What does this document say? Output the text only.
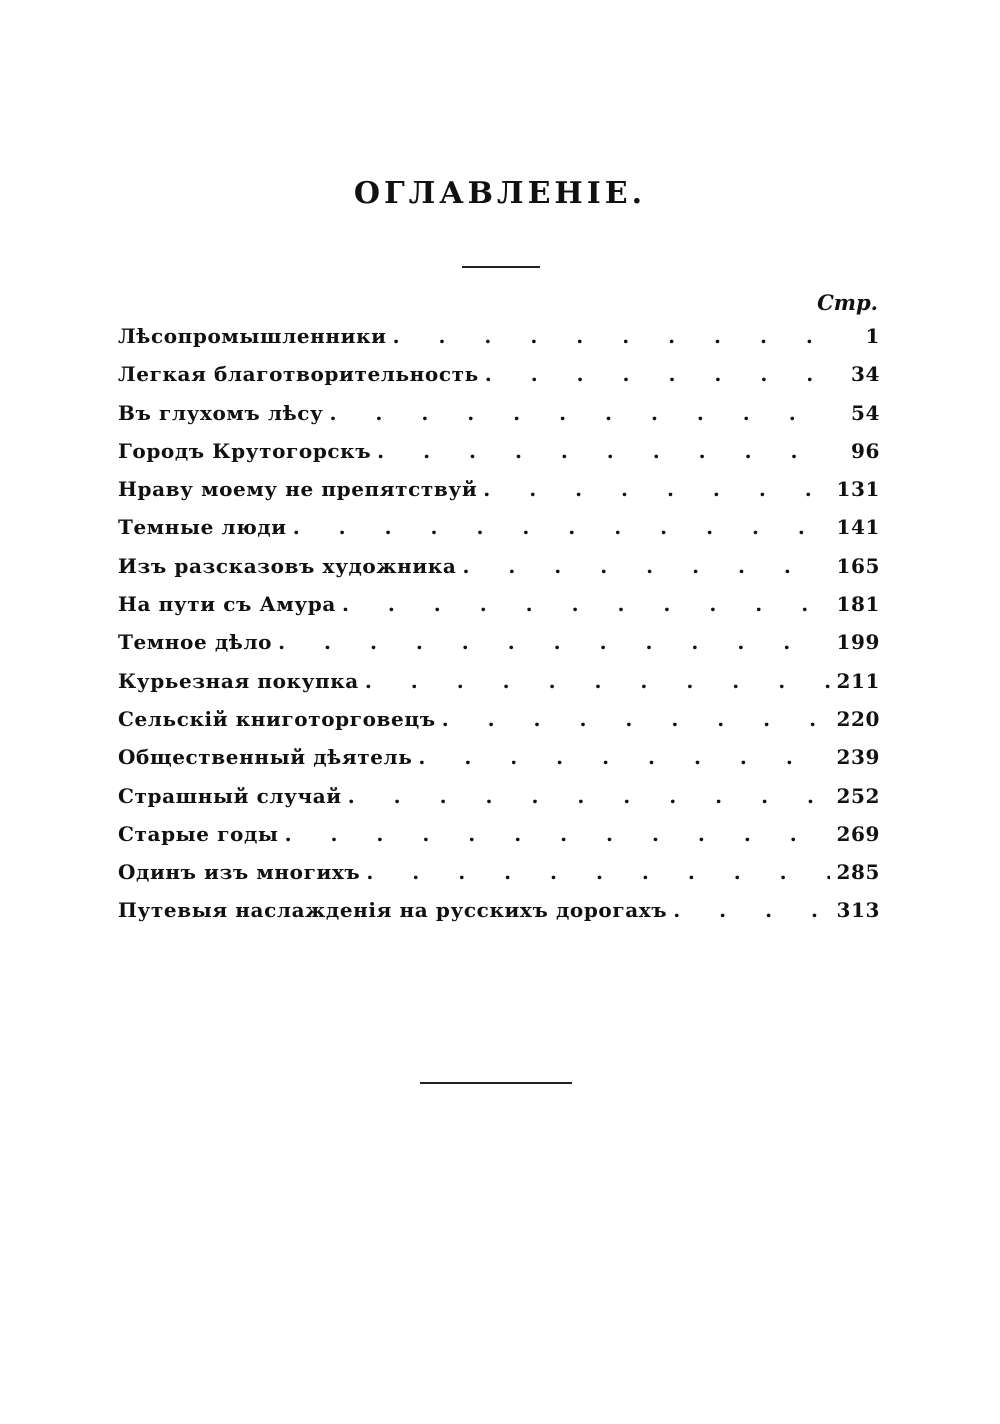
ОГЛАВЛЕНІЕ.
Стр.
Лѣсопромышленники . . .	1
Легкая благотворительность . . .	34
Въ глухомъ лѣсу . . .	54
Городъ Крутогорскъ . . .	96
Нраву моему не препятствуй . . .	131
Темные люди . . .	141
Изъ разсказовъ художника . . .	165
На пути съ Амура . . .	181
Темное дѣло . . .	199
Курьезная покупка . . .	211
Сельскій книготорговецъ . . .	220
Общественный дѣятель . . .	239
Страшный случай . . .	252
Старые годы . . .	269
Одинъ изъ многихъ . . .	285
Путевыя наслажденія на русскихъ дорогахъ . . .	313
